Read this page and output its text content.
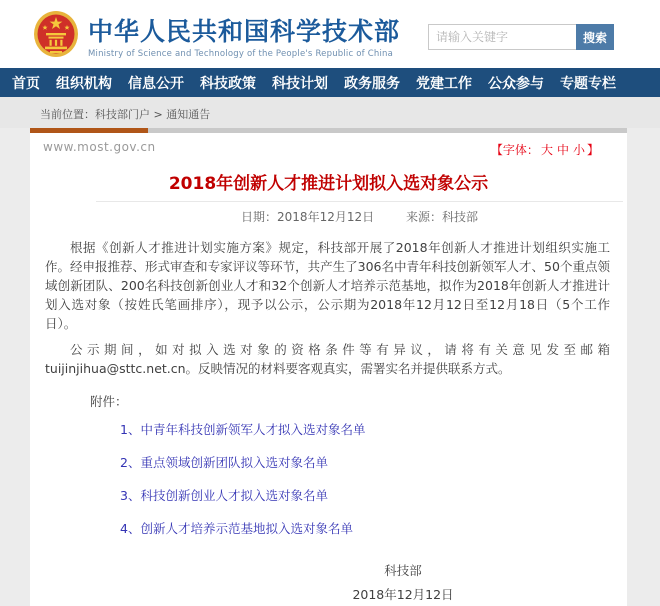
中华人民共和国科学技术部
Ministry of Science and Technology of the People's Republic of China
请输入关键字
搜索
首页 组织机构 信息公开 科技政策 科技计划 政务服务 党建工作 公众参与 专题专栏
当前位置：科技部门户 > 通知通告
www.most.gov.cn	【字体： 大 中 小 】
2018年创新人才推进计划拟入选对象公示
日期：2018年12月12日	来源：科技部

根据《创新人才推进计划实施方案》规定，科技部开展了2018年创新人才推进计划组织实施工作。经申报推荐、形式审查和专家评议等环节，共产生了306名中青年科技创新领军人才、50个重点领域创新团队、200名科技创新创业人才和32个创新人才培养示范基地，拟作为2018年创新人才推进计划入选对象（按姓氏笔画排序），现予以公示，公示期为2018年12月12日至12月18日（5个工作日）。

公示期间，如对拟入选对象的资格条件等有异议，请将有关意见发至邮箱tuijinjihua@sttc.net.cn。反映情况的材料要客观真实，需署实名并提供联系方式。

附件：
1、中青年科技创新领军人才拟入选对象名单
2、重点领域创新团队拟入选对象名单
3、科技创新创业人才拟入选对象名单
4、创新人才培养示范基地拟入选对象名单
科技部
2018年12月12日
